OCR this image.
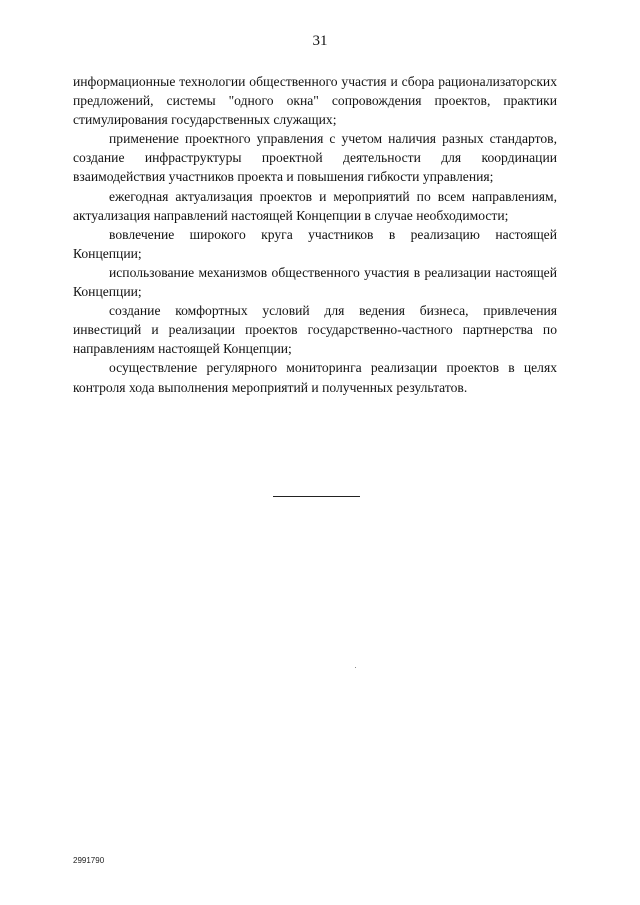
31

информационные технологии общественного участия и сбора рационализаторских предложений, системы "одного окна" сопровождения проектов, практики стимулирования государственных служащих;

применение проектного управления с учетом наличия разных стандартов, создание инфраструктуры проектной деятельности для координации взаимодействия участников проекта и повышения гибкости управления;

ежегодная актуализация проектов и мероприятий по всем направлениям, актуализация направлений настоящей Концепции в случае необходимости;

вовлечение широкого круга участников в реализацию настоящей Концепции;

использование механизмов общественного участия в реализации настоящей Концепции;

создание комфортных условий для ведения бизнеса, привлечения инвестиций и реализации проектов государственно-частного партнерства по направлениям настоящей Концепции;

осуществление регулярного мониторинга реализации проектов в целях контроля хода выполнения мероприятий и полученных результатов.

2991790
